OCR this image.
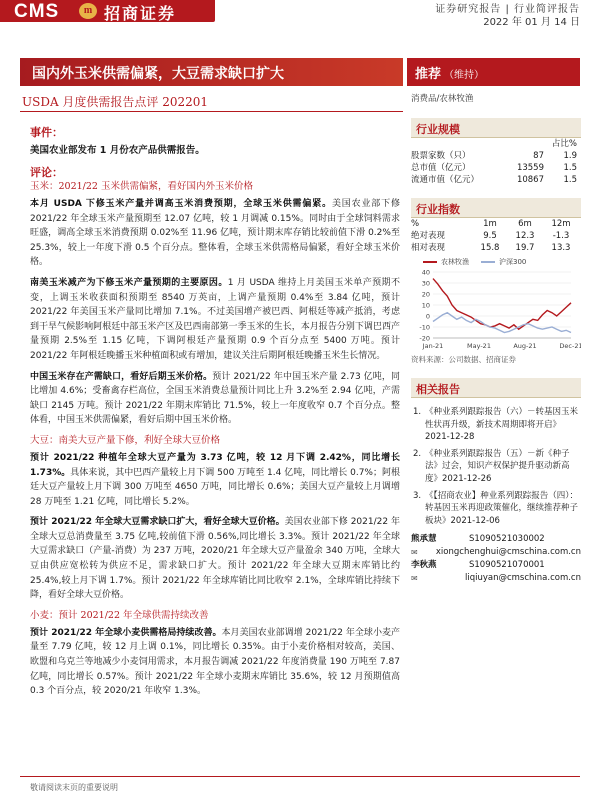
CMS	m 招商证券	证券研究报告 | 行业简评报告
2022 年 01 月 14 日
国内外玉米供需偏紧，大豆需求缺口扩大	推荐 （维持）
USDA 月度供需报告点评 202201
事件：
美国农业部发布 1 月份农产品供需报告。
评论：
玉米：2021/22 玉米供需偏紧，看好国内外玉米价格

本月 USDA 下修玉米产量并调高玉米消费预期，全球玉米供需偏紧。美国农业部下修 2021/22 年全球玉米产量预期至 12.07 亿吨，较 1 月调减 0.15%。同时由于全球饲料需求旺盛，调高全球玉米消费预期 0.02%至 11.96 亿吨，预计期末库存销比较前值下滑 0.2%至 25.3%，较上一年度下滑 0.5 个百分点。整体看，全球玉米供需格局偏紧，看好全球玉米价格。

南美玉米减产为下修玉米产量预期的主要原因。1 月 USDA 维持上月美国玉米单产预期不变，上调玉米收获面积预期至 8540 万英亩，上调产量预期 0.4%至 3.84 亿吨，预计 2021/22 年美国玉米产量同比增加 7.1%。不过美国增产被巴西、阿根廷等减产抵消，考虑到干旱气候影响阿根廷中部玉米产区及巴西南部第一季玉米的生长，本月报告分别下调巴西产量预期 2.5%至 1.15 亿吨，下调阿根廷产量预期 0.9 个百分点至 5400 万吨。预计 2021/22 年阿根廷晚播玉米种植面积或有增加，建议关注后期阿根廷晚播玉米生长情况。

中国玉米存在产需缺口，看好后期玉米价格。预计 2021/22 年中国玉米产量 2.73 亿吨，同比增加 4.6%；受畜禽存栏高位，全国玉米消费总量预计同比上升 3.2%至 2.94 亿吨，产需缺口 2145 万吨。预计 2021/22 年期末库销比 71.5%，较上一年度收窄 0.7 个百分点。整体看，中国玉米供需偏紧，看好后期中国玉米价格。

大豆：南美大豆产量下修，利好全球大豆价格

预计 2021/22 种植年全球大豆产量为 3.73 亿吨，较 12 月下调 2.42%，同比增长 1.73%。具体来说，其中巴西产量较上月下调 500 万吨至 1.4 亿吨，同比增长 0.7%；阿根廷大豆产量较上月下调 300 万吨至 4650 万吨，同比增长 0.6%；美国大豆产量较上月调增 28 万吨至 1.21 亿吨，同比增长 5.2%。

预计 2021/22 年全球大豆需求缺口扩大，看好全球大豆价格。美国农业部下修 2021/22 年全球大豆总消费量至 3.75 亿吨,较前值下滑 0.56%,同比增长 3.3%。预计 2021/22 年全球大豆需求缺口（产量-消费）为 237 万吨，2020/21 年全球大豆产量盈余 340 万吨，全球大豆由供应宽松转为供应不足，需求缺口扩大。预计 2021/22 年全球大豆期末库销比约 25.4%,较上月下调 1.7%。预计 2021/22 年全球库销比同比收窄 2.1%，全球库销比持续下降，看好全球大豆价格。

小麦：预计 2021/22 年全球供需持续改善

预计 2021/22 年全球小麦供需格局持续改善。本月美国农业部调增 2021/22 年全球小麦产量至 7.79 亿吨，较 12 月上调 0.1%，同比增长 0.35%。由于小麦价格相对较高，美国、欧盟和乌克兰等地减少小麦饲用需求，本月报告调减 2021/22 年度消费量 190 万吨至 7.87 亿吨，同比增长 0.57%。预计 2021/22 年全球小麦期末库销比 35.6%，较 12 月预期值高 0.3 个百分点，较 2020/21 年收窄 1.3%。

消费品/农林牧渔
行业规模
占比%
股票家数（只）	87	1.9
总市值（亿元）	13559	1.5
流通市值（亿元）	10867	1.5
行业指数
%	1m	6m	12m
绝对表现	9.5	12.3	-1.3
相对表现	15.8	19.7	13.3
农林牧渔	沪深300
-20
-10
0
10
20
30
40
Jan-21	May-21	Aug-21	Dec-21
资料来源：公司数据、招商证券
相关报告
1. 《种业系列跟踪报告（六）－转基因玉米性状再升级，新技术周期即将开启》2021-12-28
2. 《种业系列跟踪报告（五）－新《种子法》过会，知识产权保护提升驱动新高度》2021-12-26
3. 《【招商农业】种业系列跟踪报告（四）：转基因玉米再迎政策催化，继续推荐种子板块》2021-12-06
熊承慧	S1090521030002
✉	xiongchenghui@cmschina.com.cn
李秋燕	S1090521070001
✉	liqiuyan@cmschina.com.cn
敬请阅读末页的重要说明
